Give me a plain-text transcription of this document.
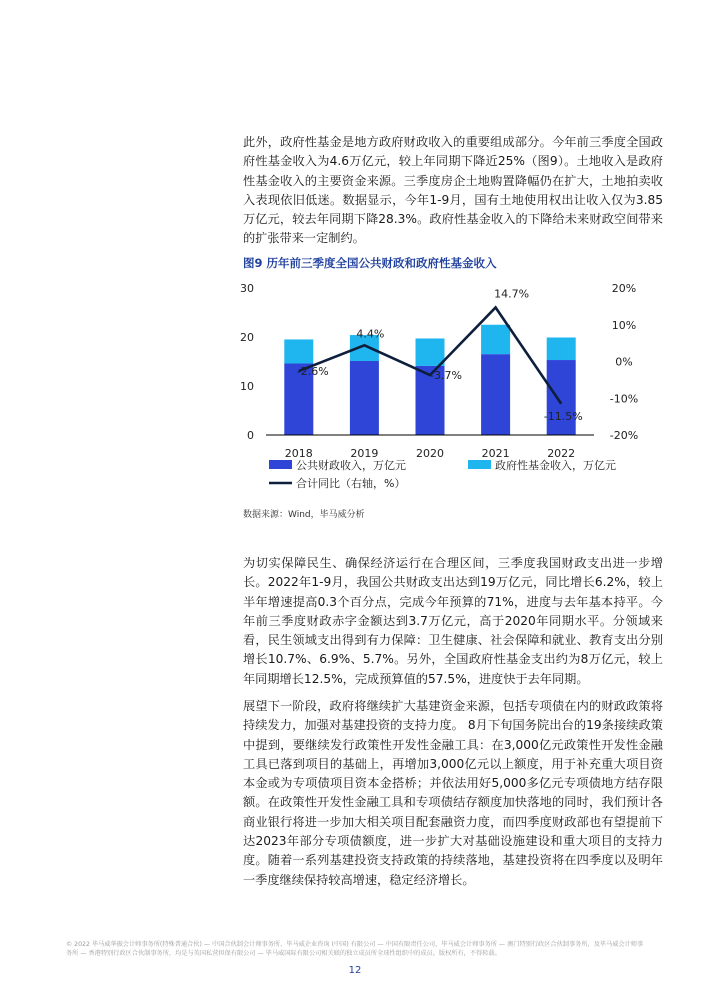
此外，政府性基金是地方政府财政收入的重要组成部分。今年前三季度全国政府性基金收入为4.6万亿元，较上年同期下降近25%（图9）。土地收入是政府性基金收入的主要资金来源。三季度房企土地购置降幅仍在扩大，土地拍卖收入表现依旧低迷。数据显示，今年1-9月，国有土地使用权出让收入仅为3.85万亿元，较去年同期下降28.3%。政府性基金收入的下降给未来财政空间带来的扩张带来一定制约。

图9 历年前三季度全国公共财政和政府性基金收入

0
10
20
30
-20%
-10%
0%
10%
20%
2018	2019	2020	2021	2022
-2.6%
4.4%
-3.7%
14.7%
-11.5%
公共财政收入，万亿元	政府性基金收入，万亿元
合计同比（右轴，%）
数据来源：Wind，毕马威分析

为切实保障民生、确保经济运行在合理区间，三季度我国财政支出进一步增长。2022年1-9月，我国公共财政支出达到19万亿元，同比增长6.2%，较上半年增速提高0.3个百分点，完成今年预算的71%，进度与去年基本持平。今年前三季度财政赤字金额达到3.7万亿元，高于2020年同期水平。分领域来看，民生领域支出得到有力保障：卫生健康、社会保障和就业、教育支出分别增长10.7%、6.9%、5.7%。另外，全国政府性基金支出约为8万亿元，较上年同期增长12.5%，完成预算值的57.5%，进度快于去年同期。

展望下一阶段，政府将继续扩大基建资金来源，包括专项债在内的财政政策将持续发力，加强对基建投资的支持力度。 8月下旬国务院出台的19条接续政策中提到，要继续发行政策性开发性金融工具：在3,000亿元政策性开发性金融工具已落到项目的基础上，再增加3,000亿元以上额度，用于补充重大项目资本金或为专项债项目资本金搭桥；并依法用好5,000多亿元专项债地方结存限额。在政策性开发性金融工具和专项债结存额度加快落地的同时，我们预计各商业银行将进一步加大相关项目配套融资力度，而四季度财政部也有望提前下达2023年部分专项债额度，进一步扩大对基础设施建设和重大项目的支持力度。随着一系列基建投资支持政策的持续落地，基建投资将在四季度以及明年一季度继续保持较高增速，稳定经济增长。

© 2022 毕马威华振会计师事务所(特殊普通合伙) — 中国合伙制会计师事务所，毕马威企业咨询 (中国) 有限公司 — 中国有限责任公司，毕马威会计师事务所 — 澳门特别行政区合伙制事务所，及毕马威会计师事务所 — 香港特别行政区合伙制事务所，均是与英国私营担保有限公司 — 毕马威国际有限公司相关联的独立成员所全球性组织中的成员。版权所有，不得转载。

12
